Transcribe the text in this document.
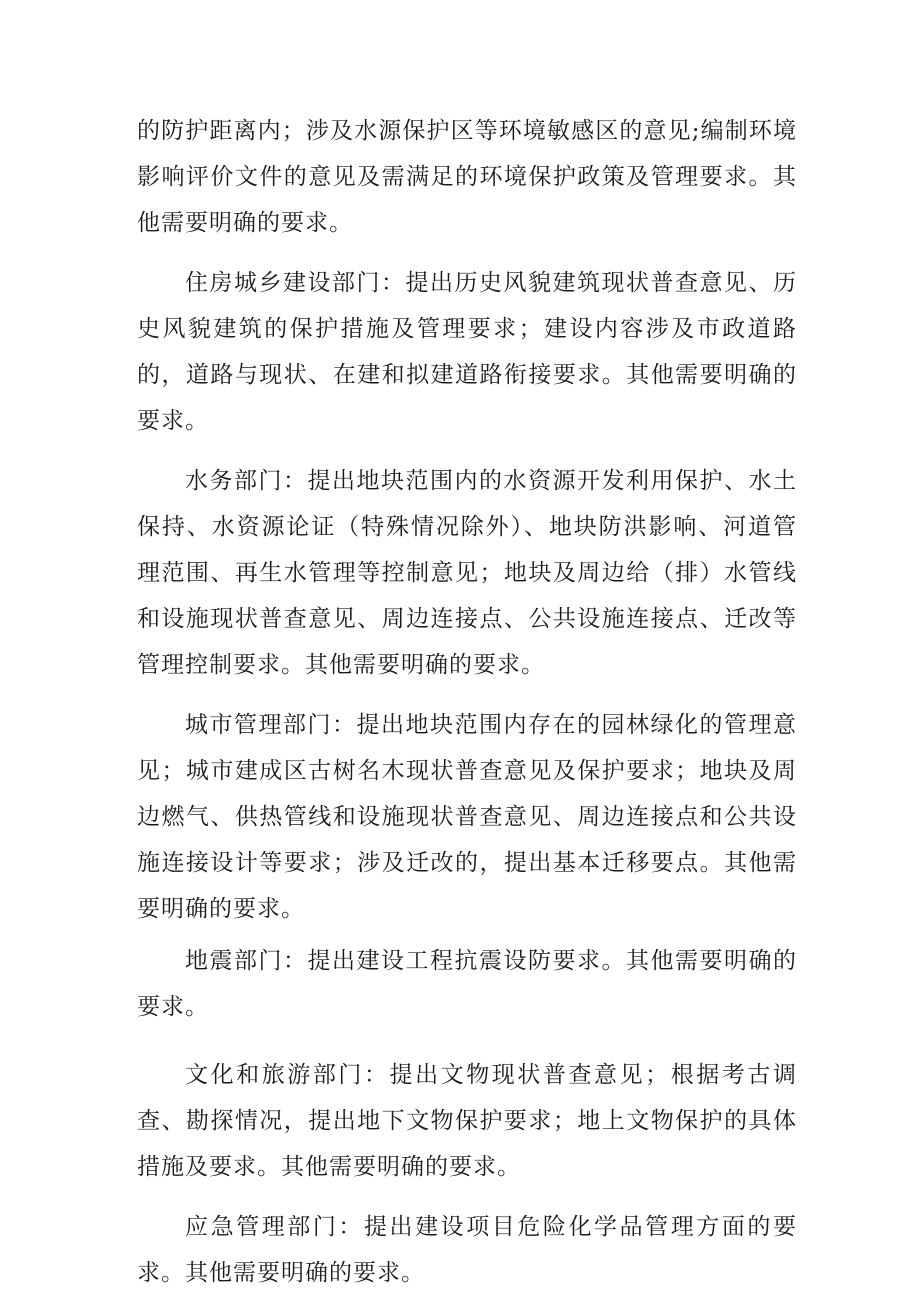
的防护距离内；涉及水源保护区等环境敏感区的意见;编制环境影响评价文件的意见及需满足的环境保护政策及管理要求。其他需要明确的要求。

住房城乡建设部门：提出历史风貌建筑现状普查意见、历史风貌建筑的保护措施及管理要求；建设内容涉及市政道路的，道路与现状、在建和拟建道路衔接要求。其他需要明确的要求。

水务部门：提出地块范围内的水资源开发利用保护、水土保持、水资源论证（特殊情况除外）、地块防洪影响、河道管理范围、再生水管理等控制意见；地块及周边给（排）水管线和设施现状普查意见、周边连接点、公共设施连接点、迁改等管理控制要求。其他需要明确的要求。

城市管理部门：提出地块范围内存在的园林绿化的管理意见；城市建成区古树名木现状普查意见及保护要求；地块及周边燃气、供热管线和设施现状普查意见、周边连接点和公共设施连接设计等要求；涉及迁改的，提出基本迁移要点。其他需要明确的要求。

地震部门：提出建设工程抗震设防要求。其他需要明确的要求。

文化和旅游部门：提出文物现状普查意见；根据考古调查、勘探情况，提出地下文物保护要求；地上文物保护的具体措施及要求。其他需要明确的要求。

应急管理部门：提出建设项目危险化学品管理方面的要求。其他需要明确的要求。
